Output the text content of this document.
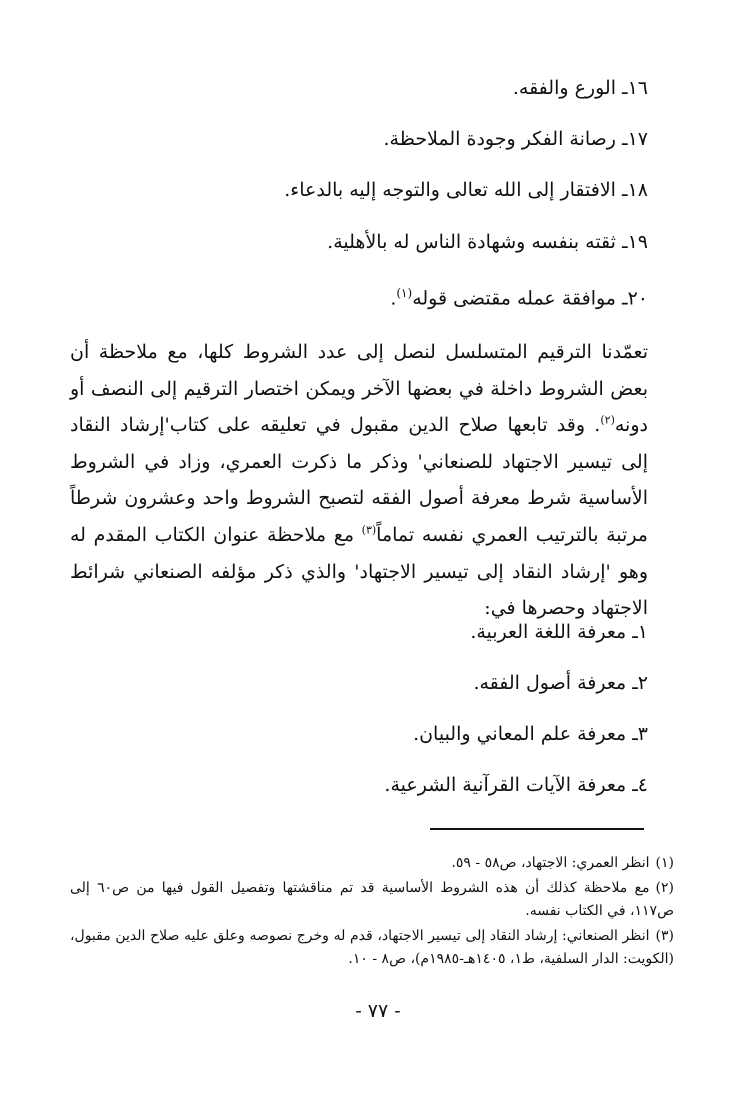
١٦ـ الورع والفقه.
١٧ـ رصانة الفكر وجودة الملاحظة.
١٨ـ الافتقار إلى الله تعالى والتوجه إليه بالدعاء.
١٩ـ ثقته بنفسه وشهادة الناس له بالأهلية.
٢٠ـ موافقة عمله مقتضى قوله$^{(١)}$.

تعمّدنا الترقيم المتسلسل لنصل إلى عدد الشروط كلها، مع ملاحظة أن بعض الشروط داخلة في بعضها الآخر ويمكن اختصار الترقيم إلى النصف أو دونه$^{(٢)}$. وقد تابعها صلاح الدين مقبول في تعليقه على كتاب'إرشاد النقاد إلى تيسير الاجتهاد للصنعاني' وذكر ما ذكرت العمري، وزاد في الشروط الأساسية شرط معرفة أصول الفقه لتصبح الشروط واحد وعشرون شرطاً مرتبة بالترتيب العمري نفسه تماماً$^{(٣)}$ مع ملاحظة عنوان الكتاب المقدم له وهو 'إرشاد النقاد إلى تيسير الاجتهاد' والذي ذكر مؤلفه الصنعاني شرائط الاجتهاد وحصرها في:

١ـ معرفة اللغة العربية.
٢ـ معرفة أصول الفقه.
٣ـ معرفة علم المعاني والبيان.
٤ـ معرفة الآيات القرآنية الشرعية.

(١)انظر العمري: الاجتهاد، ص٥٨ - ٥٩.

(٢)مع ملاحظة كذلك أن هذه الشروط الأساسية قد تم مناقشتها وتفصيل القول فيها من ص٦٠ إلى ص١١٧، في الكتاب نفسه.

(٣)انظر الصنعاني: إرشاد النقاد إلى تيسير الاجتهاد، قدم له وخرج نصوصه وعلق عليه صلاح الدين مقبول، (الكويت: الدار السلفية، ط١، ١٤٠٥هـ-١٩٨٥م)، ص٨ - ١٠.

- ٧٧ -
